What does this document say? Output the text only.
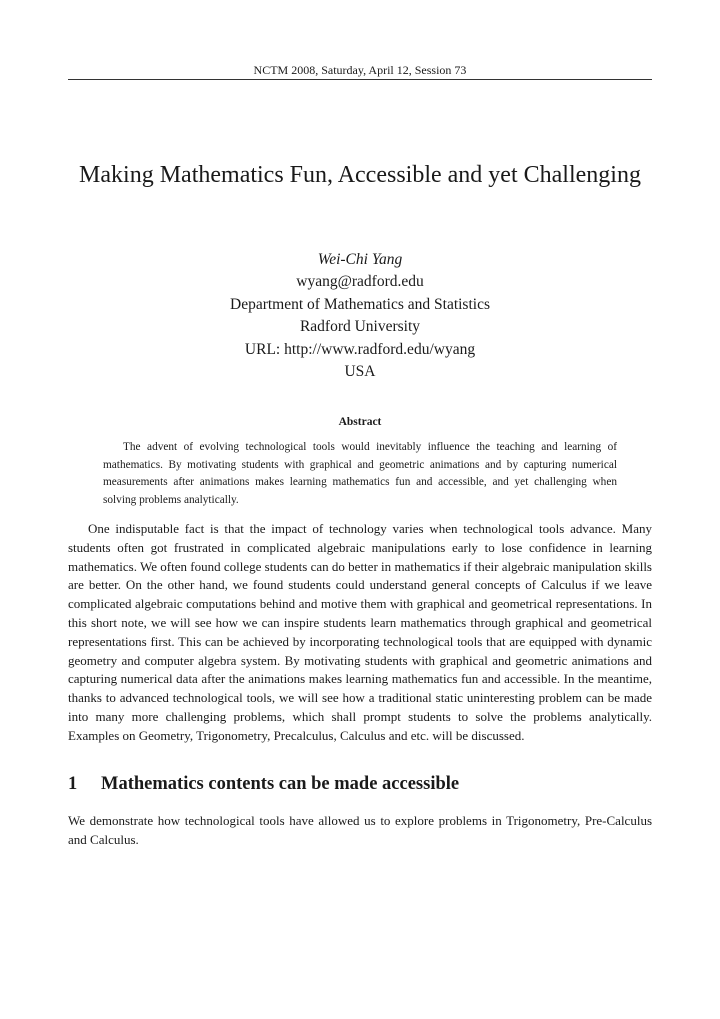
NCTM 2008, Saturday, April 12, Session 73
Making Mathematics Fun, Accessible and yet Challenging
Wei-Chi Yang
wyang@radford.edu
Department of Mathematics and Statistics
Radford University
URL: http://www.radford.edu/wyang
USA
Abstract

The advent of evolving technological tools would inevitably influence the teaching and learning of mathematics. By motivating students with graphical and geometric animations and by capturing numerical measurements after animations makes learning mathematics fun and accessible, and yet challenging when solving problems analytically.

One indisputable fact is that the impact of technology varies when technological tools advance. Many students often got frustrated in complicated algebraic manipulations early to lose confidence in learning mathematics. We often found college students can do better in mathematics if their algebraic manipulation skills are better. On the other hand, we found students could understand general concepts of Calculus if we leave complicated algebraic computations behind and motive them with graphical and geometrical representations. In this short note, we will see how we can inspire students learn mathematics through graphical and geometrical representations first. This can be achieved by incorporating technological tools that are equipped with dynamic geometry and computer algebra system. By motivating students with graphical and geometric animations and capturing numerical data after the animations makes learning mathematics fun and accessible. In the meantime, thanks to advanced technological tools, we will see how a traditional static uninteresting problem can be made into many more challenging problems, which shall prompt students to solve the problems analytically. Examples on Geometry, Trigonometry, Precalculus, Calculus and etc. will be discussed.

1 Mathematics contents can be made accessible

We demonstrate how technological tools have allowed us to explore problems in Trigonometry, Pre-Calculus and Calculus.
